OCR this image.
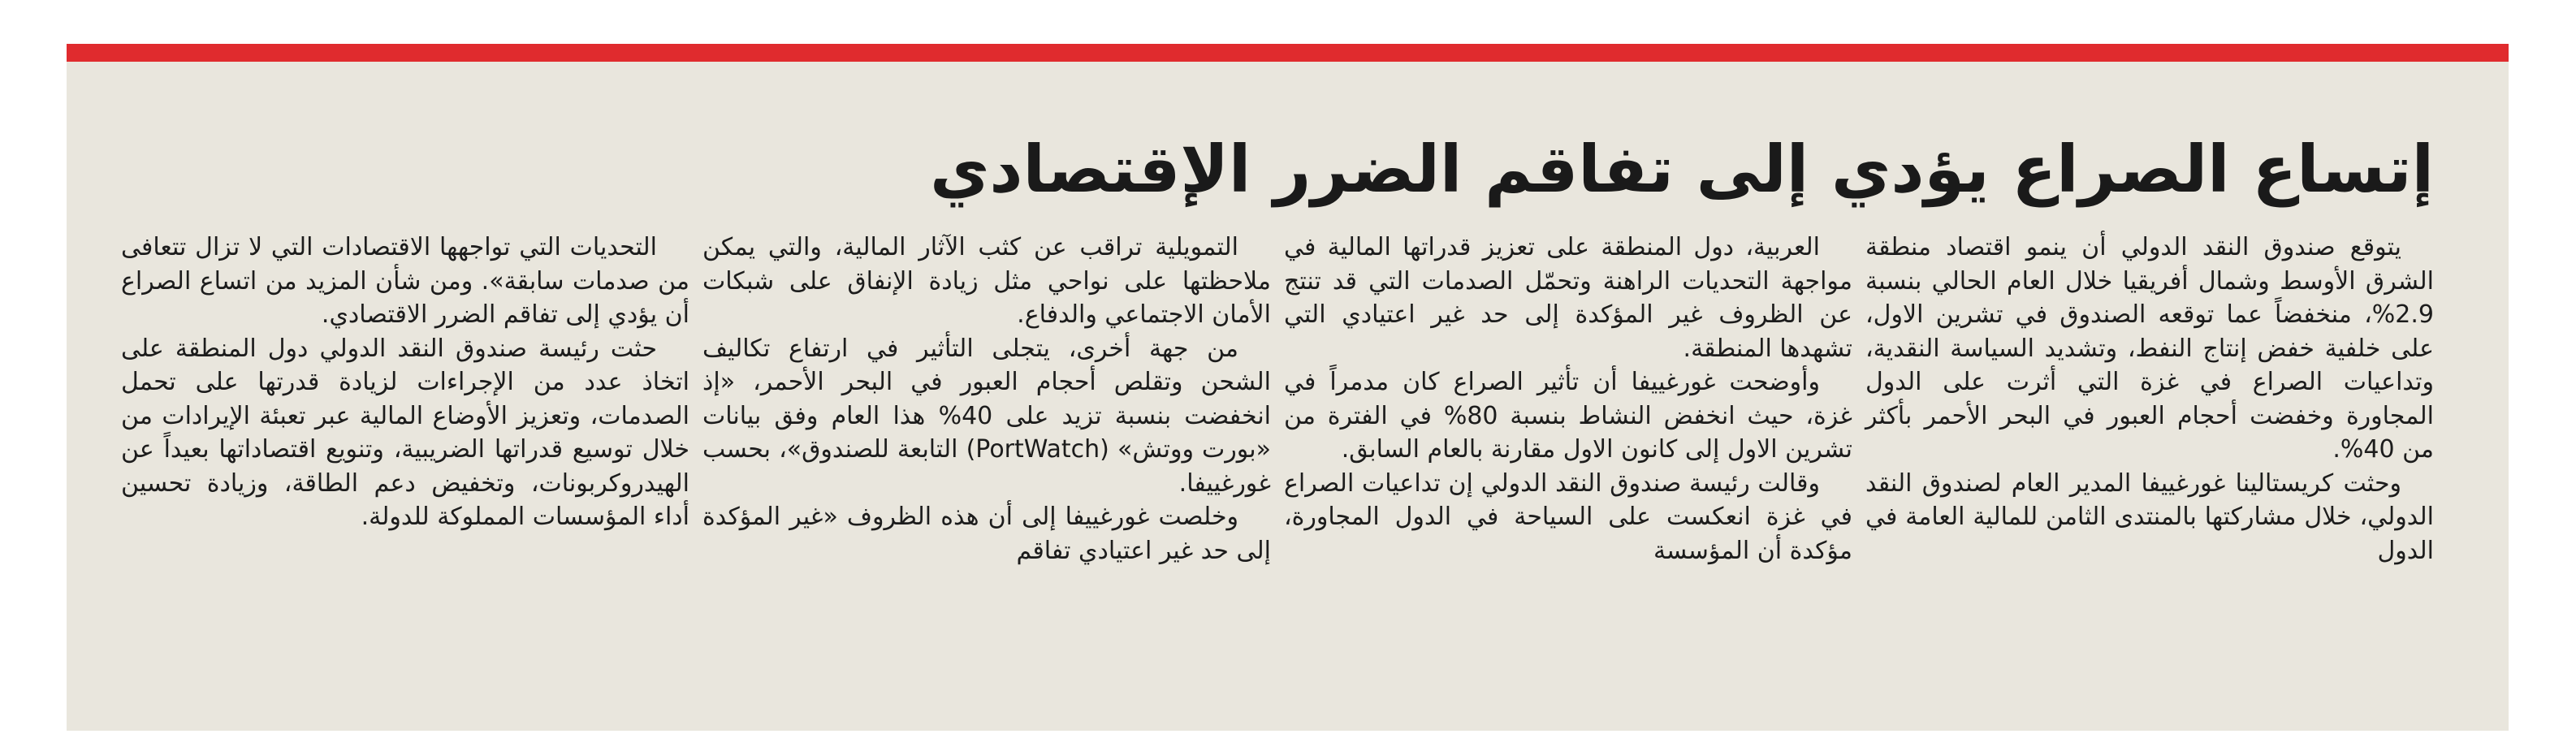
إتساع الصراع يؤدي إلى تفاقم الضرر الإقتصادي

يتوقع صندوق النقد الدولي أن ينمو اقتصاد منطقة الشرق الأوسط وشمال أفريقيا خلال العام الحالي بنسبة 2.9%، منخفضاً عما توقعه الصندوق في تشرين الاول، على خلفية خفض إنتاج النفط، وتشديد السياسة النقدية، وتداعيات الصراع في غزة التي أثرت على الدول المجاورة وخفضت أحجام العبور في البحر الأحمر بأكثر من 40%.

وحثت كريستالينا غورغييفا المدير العام لصندوق النقد الدولي، خلال مشاركتها بالمنتدى الثامن للمالية العامة في الدول

العربية، دول المنطقة على تعزيز قدراتها المالية في مواجهة التحديات الراهنة وتحمّل الصدمات التي قد تنتج عن الظروف غير المؤكدة إلى حد غير اعتيادي التي تشهدها المنطقة.

وأوضحت غورغييفا أن تأثير الصراع كان مدمراً في غزة، حيث انخفض النشاط بنسبة 80% في الفترة من تشرين الاول إلى كانون الاول مقارنة بالعام السابق.

وقالت رئيسة صندوق النقد الدولي إن تداعيات الصراع في غزة انعكست على السياحة في الدول المجاورة، مؤكدة أن المؤسسة

التمويلية تراقب عن كثب الآثار المالية، والتي يمكن ملاحظتها على نواحي مثل زيادة الإنفاق على شبكات الأمان الاجتماعي والدفاع.

من جهة أخرى، يتجلى التأثير في ارتفاع تكاليف الشحن وتقلص أحجام العبور في البحر الأحمر، «إذ انخفضت بنسبة تزيد على 40% هذا العام وفق بيانات «بورت ووتش» (PortWatch) التابعة للصندوق»، بحسب غورغييفا.

وخلصت غورغييفا إلى أن هذه الظروف «غير المؤكدة إلى حد غير اعتيادي تفاقم

التحديات التي تواجهها الاقتصادات التي لا تزال تتعافى من صدمات سابقة». ومن شأن المزيد من اتساع الصراع أن يؤدي إلى تفاقم الضرر الاقتصادي.

حثت رئيسة صندوق النقد الدولي دول المنطقة على اتخاذ عدد من الإجراءات لزيادة قدرتها على تحمل الصدمات، وتعزيز الأوضاع المالية عبر تعبئة الإيرادات من خلال توسيع قدراتها الضريبية، وتنويع اقتصاداتها بعيداً عن الهيدروكربونات، وتخفيض دعم الطاقة، وزيادة تحسين أداء المؤسسات المملوكة للدولة.
